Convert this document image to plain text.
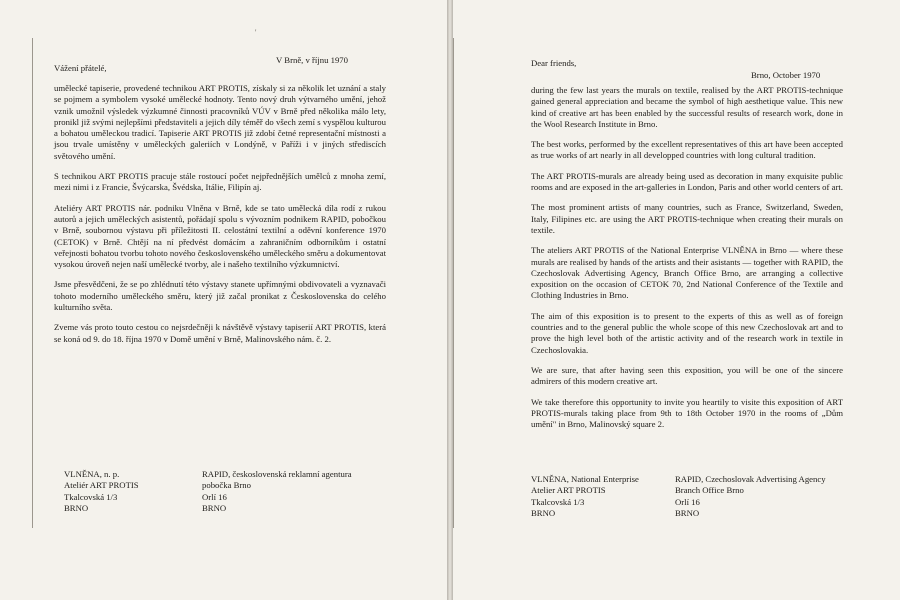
'
V Brně, v říjnu 1970
Vážení přátelé,

umělecké tapiserie, provedené technikou ART PROTIS, získaly si za několik let uznání a staly se pojmem a symbolem vysoké umělecké hodnoty. Tento nový druh výtvarného umění, jehož vznik umožnil výsledek výzkumné činnosti pracovníků VÚV v Brně před několika málo lety, pronikl již svými nejlepšími představiteli a jejich díly téměř do všech zemí s vyspělou kulturou a bohatou uměleckou tradicí. Tapiserie ART PROTIS již zdobí četné representační místnosti a jsou trvale umístěny v uměleckých galeriích v Londýně, v Paříži i v jiných střediscích světového umění.

S technikou ART PROTIS pracuje stále rostoucí počet nejpřednějších umělců z mnoha zemí, mezi nimi i z Francie, Švýcarska, Švédska, Itálie, Filipín aj.

Ateliéry ART PROTIS nár. podniku Vlněna v Brně, kde se tato umělecká díla rodí z rukou autorů a jejich uměleckých asistentů, pořádají spolu s vývozním podnikem RAPID, pobočkou v Brně, soubornou výstavu při příležitosti II. celostátní textilní a oděvní konference 1970 (CETOK) v Brně. Chtějí na ní předvést domácím a zahraničním odborníkům i ostatní veřejnosti bohatou tvorbu tohoto nového československého uměleckého směru a dokumentovat vysokou úroveň nejen naší umělecké tvorby, ale i našeho textilního výzkumnictví.

Jsme přesvědčeni, že se po zhlédnutí této výstavy stanete upřímnými obdivovateli a vyznavači tohoto moderního uměleckého směru, který již začal pronikat z Československa do celého kulturního světa.

Zveme vás proto touto cestou co nejsrdečněji k návštěvě výstavy tapiserií ART PROTIS, která se koná od 9. do 18. října 1970 v Domě umění v Brně, Malinovského nám. č. 2.

VLNĚNA, n. p.
Ateliér ART PROTIS
Tkalcovská 1/3
BRNO
RAPID, československá reklamní agentura
pobočka Brno
Orlí 16
BRNO
Dear friends,
Brno, October 1970

during the few last years the murals on textile, realised by the ART PROTIS-technique gained general appreciation and became the symbol of high aesthetique value. This new kind of creative art has been enabled by the successful results of research work, done in the Wool Research Institute in Brno.

The best works, performed by the excellent representatives of this art have been accepted as true works of art nearly in all developped countries with long cultural tradition.

The ART PROTIS-murals are already being used as decoration in many exquisite public rooms and are exposed in the art-galleries in London, Paris and other world centers of art.

The most prominent artists of many countries, such as France, Switzerland, Sweden, Italy, Filipines etc. are using the ART PROTIS-technique when creating their murals on textile.

The ateliers ART PROTIS of the National Enterprise VLNĚNA in Brno — where these murals are realised by hands of the artists and their asistants — together with RAPID, the Czechoslovak Advertising Agency, Branch Office Brno, are arranging a collective exposition on the occasion of CETOK 70, 2nd National Conference of the Textile and Clothing Industries in Brno.

The aim of this exposition is to present to the experts of this as well as of foreign countries and to the general public the whole scope of this new Czechoslovak art and to prove the high level both of the artistic activity and of the research work in textile in Czechoslovakia.

We are sure, that after having seen this exposition, you will be one of the sincere admirers of this modern creative art.

We take therefore this opportunity to invite you heartily to visite this exposition of ART PROTIS-murals taking place from 9th to 18th October 1970 in the rooms of „Dům umění" in Brno, Malinovský square 2.

VLNĚNA, National Enterprise
Atelier ART PROTIS
Tkalcovská 1/3
BRNO
RAPID, Czechoslovak Advertising Agency
Branch Office Brno
Orlí 16
BRNO
